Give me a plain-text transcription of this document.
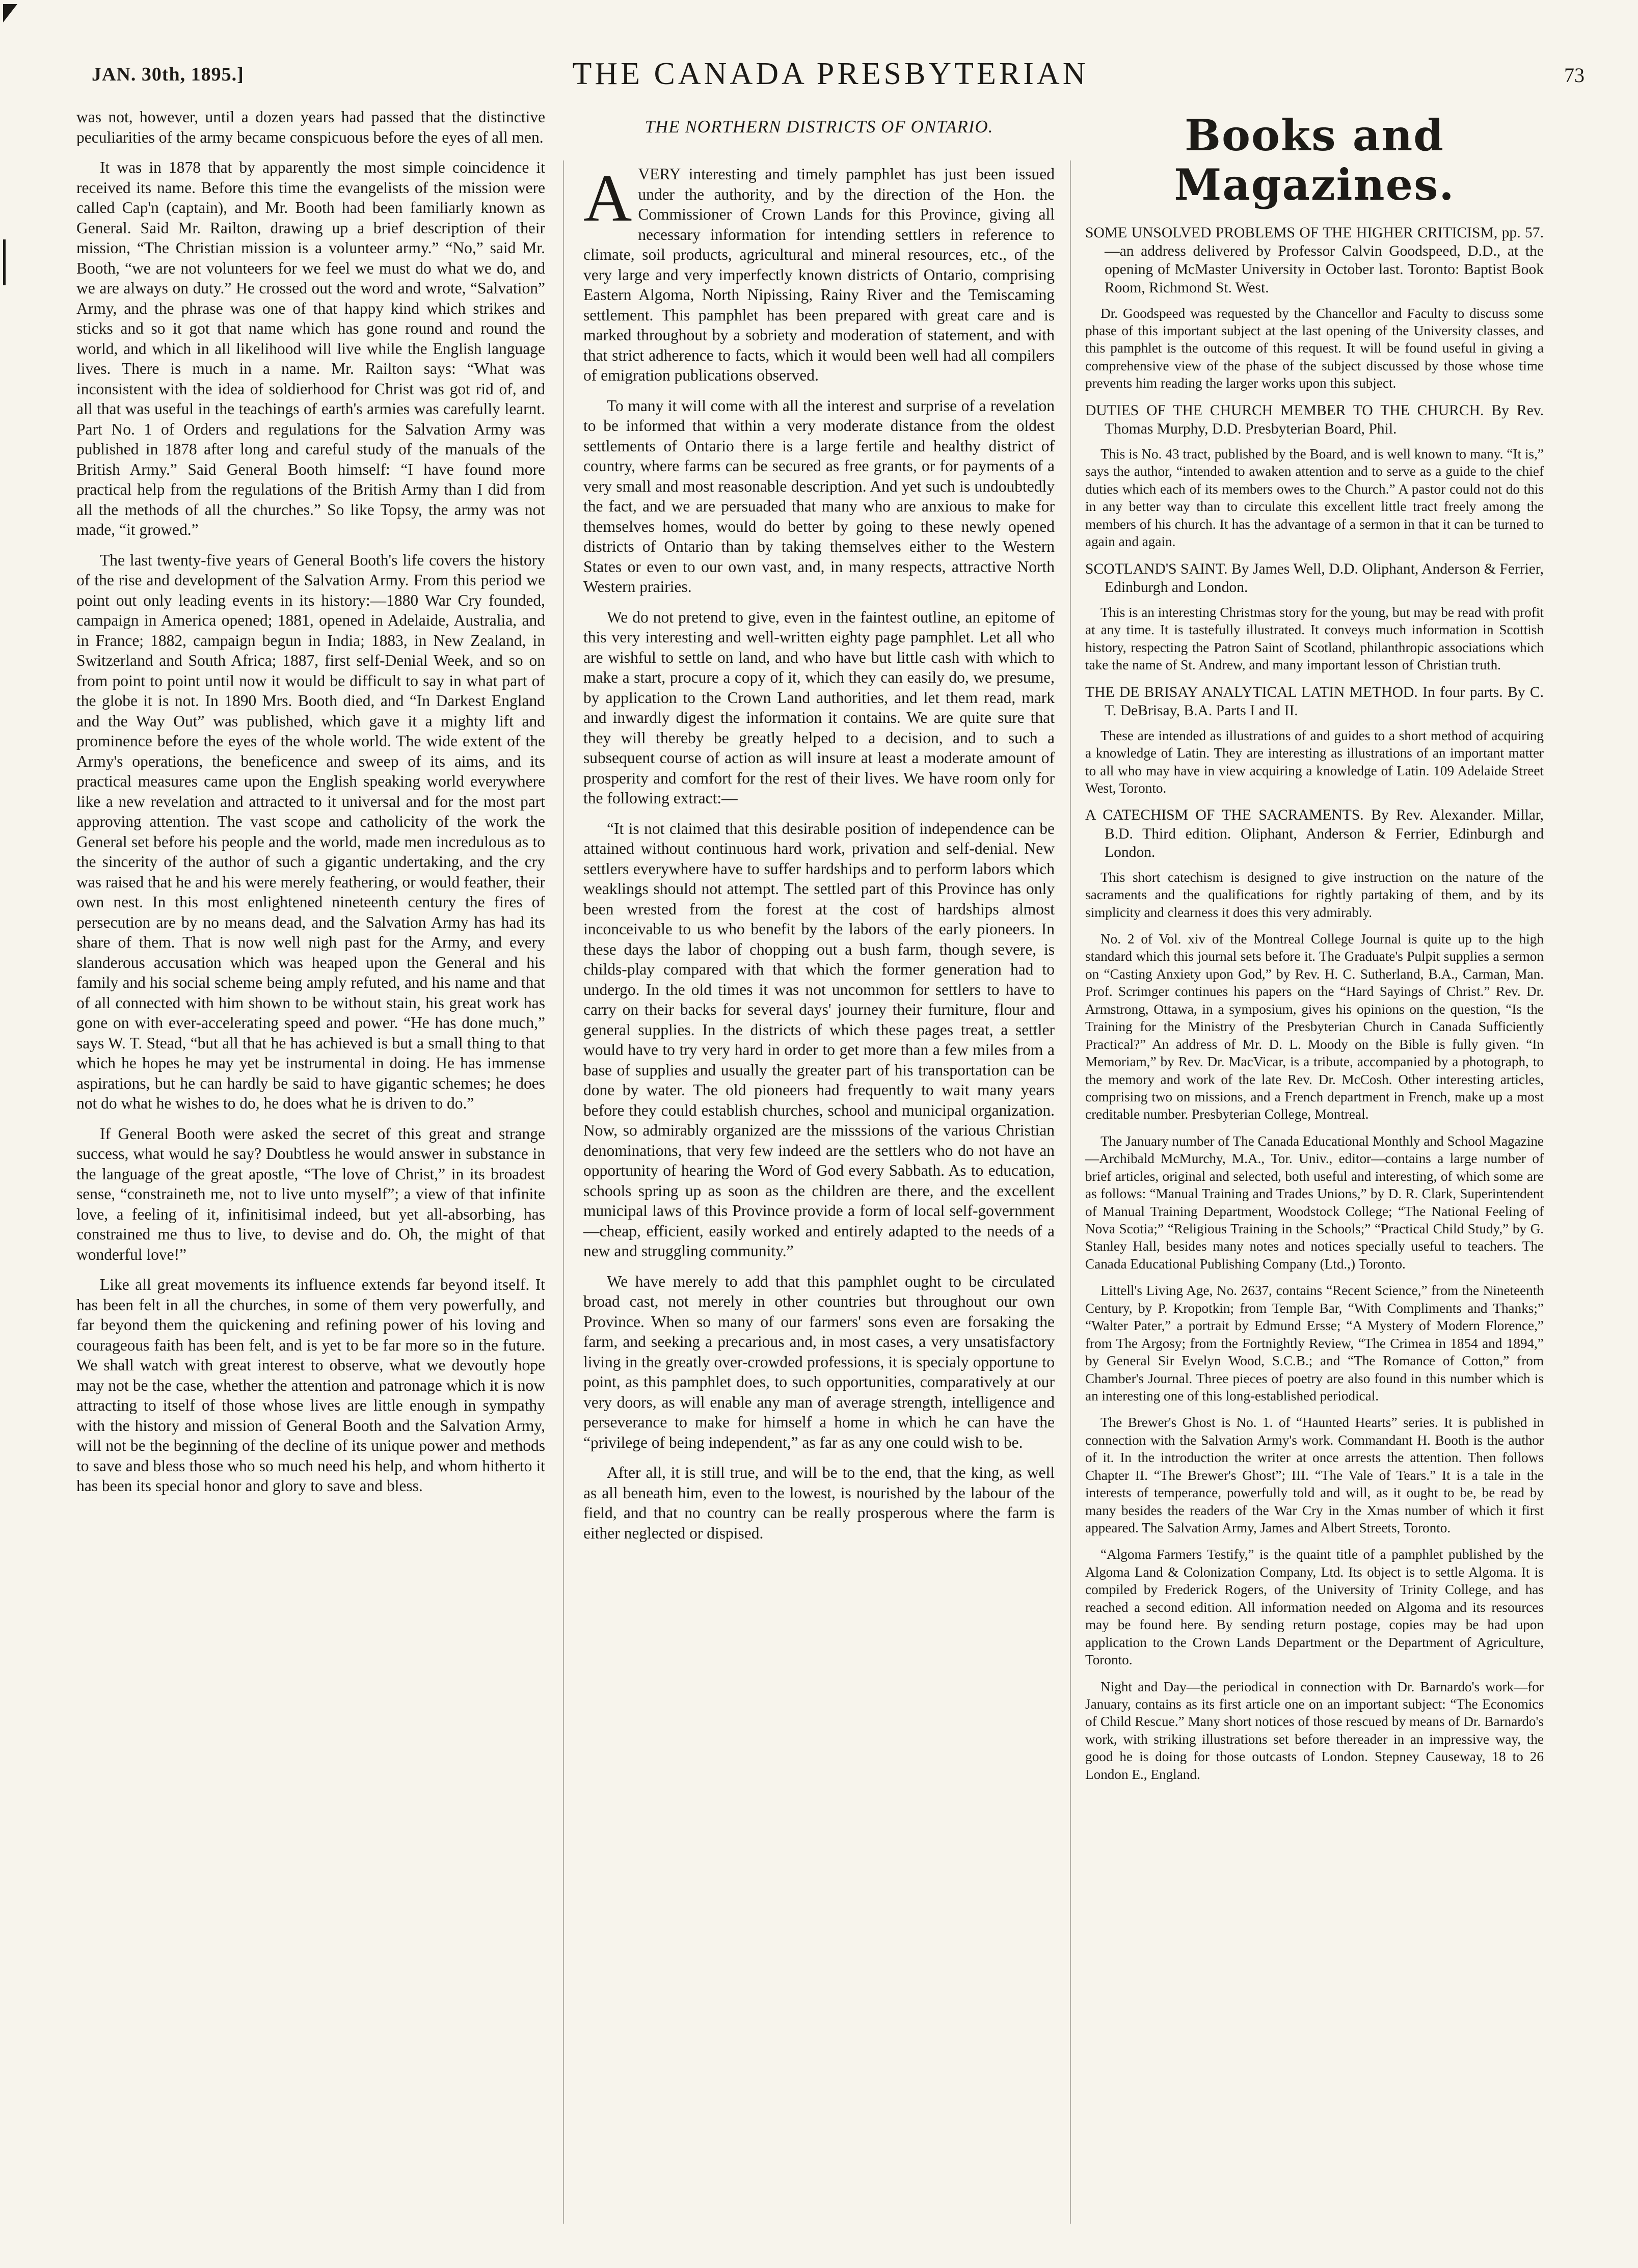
JAN. 30th, 1895.]	THE CANADA PRESBYTERIAN	73

was not, however, until a dozen years had passed that the distinctive peculiarities of the army became conspicuous before the eyes of all men.

It was in 1878 that by apparently the most simple coincidence it received its name. Before this time the evangelists of the mission were called Cap'n (captain), and Mr. Booth had been familiarly known as General. Said Mr. Railton, drawing up a brief description of their mission, “The Christian mission is a volunteer army.” “No,” said Mr. Booth, “we are not volunteers for we feel we must do what we do, and we are always on duty.” He crossed out the word and wrote, “Salvation” Army, and the phrase was one of that happy kind which strikes and sticks and so it got that name which has gone round and round the world, and which in all likelihood will live while the English language lives. There is much in a name. Mr. Railton says: “What was inconsistent with the idea of soldierhood for Christ was got rid of, and all that was useful in the teachings of earth's armies was carefully learnt. Part No. 1 of Orders and regulations for the Salvation Army was published in 1878 after long and careful study of the manuals of the British Army.” Said General Booth himself: “I have found more practical help from the regulations of the British Army than I did from all the methods of all the churches.” So like Topsy, the army was not made, “it growed.”

The last twenty-five years of General Booth's life covers the history of the rise and development of the Salvation Army. From this period we point out only leading events in its history:—1880 War Cry founded, campaign in America opened; 1881, opened in Adelaide, Australia, and in France; 1882, campaign begun in India; 1883, in New Zealand, in Switzerland and South Africa; 1887, first self-Denial Week, and so on from point to point until now it would be difficult to say in what part of the globe it is not. In 1890 Mrs. Booth died, and “In Darkest England and the Way Out” was published, which gave it a mighty lift and prominence before the eyes of the whole world. The wide extent of the Army's operations, the beneficence and sweep of its aims, and its practical measures came upon the English speaking world everywhere like a new revelation and attracted to it universal and for the most part approving attention. The vast scope and catholicity of the work the General set before his people and the world, made men incredulous as to the sincerity of the author of such a gigantic undertaking, and the cry was raised that he and his were merely feathering, or would feather, their own nest. In this most enlightened nineteenth century the fires of persecution are by no means dead, and the Salvation Army has had its share of them. That is now well nigh past for the Army, and every slanderous accusation which was heaped upon the General and his family and his social scheme being amply refuted, and his name and that of all connected with him shown to be without stain, his great work has gone on with ever-accelerating speed and power. “He has done much,” says W. T. Stead, “but all that he has achieved is but a small thing to that which he hopes he may yet be instrumental in doing. He has immense aspirations, but he can hardly be said to have gigantic schemes; he does not do what he wishes to do, he does what he is driven to do.”

If General Booth were asked the secret of this great and strange success, what would he say? Doubtless he would answer in substance in the language of the great apostle, “The love of Christ,” in its broadest sense, “constraineth me, not to live unto myself”; a view of that infinite love, a feeling of it, infinitisimal indeed, but yet all-absorbing, has constrained me thus to live, to devise and do. Oh, the might of that wonderful love!”

Like all great movements its influence extends far beyond itself. It has been felt in all the churches, in some of them very powerfully, and far beyond them the quickening and refining power of his loving and courageous faith has been felt, and is yet to be far more so in the future. We shall watch with great interest to observe, what we devoutly hope may not be the case, whether the attention and patronage which it is now attracting to itself of those whose lives are little enough in sympathy with the history and mission of General Booth and the Salvation Army, will not be the beginning of the decline of its unique power and methods to save and bless those who so much need his help, and whom hitherto it has been its special honor and glory to save and bless.

THE NORTHERN DISTRICTS OF ONTARIO.

AVERY interesting and timely pamphlet has just been issued under the authority, and by the direction of the Hon. the Commissioner of Crown Lands for this Province, giving all necessary information for intending settlers in reference to climate, soil products, agricultural and mineral resources, etc., of the very large and very imperfectly known districts of Ontario, comprising Eastern Algoma, North Nipissing, Rainy River and the Temiscaming settlement. This pamphlet has been prepared with great care and is marked throughout by a sobriety and moderation of statement, and with that strict adherence to facts, which it would been well had all compilers of emigration publications observed.

To many it will come with all the interest and surprise of a revelation to be informed that within a very moderate distance from the oldest settlements of Ontario there is a large fertile and healthy district of country, where farms can be secured as free grants, or for payments of a very small and most reasonable description. And yet such is undoubtedly the fact, and we are persuaded that many who are anxious to make for themselves homes, would do better by going to these newly opened districts of Ontario than by taking themselves either to the Western States or even to our own vast, and, in many respects, attractive North Western prairies.

We do not pretend to give, even in the faintest outline, an epitome of this very interesting and well-written eighty page pamphlet. Let all who are wishful to settle on land, and who have but little cash with which to make a start, procure a copy of it, which they can easily do, we presume, by application to the Crown Land authorities, and let them read, mark and inwardly digest the information it contains. We are quite sure that they will thereby be greatly helped to a decision, and to such a subsequent course of action as will insure at least a moderate amount of prosperity and comfort for the rest of their lives. We have room only for the following extract:—

“It is not claimed that this desirable position of independence can be attained without continuous hard work, privation and self-denial. New settlers everywhere have to suffer hardships and to perform labors which weaklings should not attempt. The settled part of this Province has only been wrested from the forest at the cost of hardships almost inconceivable to us who benefit by the labors of the early pioneers. In these days the labor of chopping out a bush farm, though severe, is childs-play compared with that which the former generation had to undergo. In the old times it was not uncommon for settlers to have to carry on their backs for several days' journey their furniture, flour and general supplies. In the districts of which these pages treat, a settler would have to try very hard in order to get more than a few miles from a base of supplies and usually the greater part of his transportation can be done by water. The old pioneers had frequently to wait many years before they could establish churches, school and municipal organization. Now, so admirably organized are the misssions of the various Christian denominations, that very few indeed are the settlers who do not have an opportunity of hearing the Word of God every Sabbath. As to education, schools spring up as soon as the children are there, and the excellent municipal laws of this Province provide a form of local self-government—cheap, efficient, easily worked and entirely adapted to the needs of a new and struggling community.”

We have merely to add that this pamphlet ought to be circulated broad cast, not merely in other countries but throughout our own Province. When so many of our farmers' sons even are forsaking the farm, and seeking a precarious and, in most cases, a very unsatisfactory living in the greatly over-crowded professions, it is specialy opportune to point, as this pamphlet does, to such opportunities, comparatively at our very doors, as will enable any man of average strength, intelligence and perseverance to make for himself a home in which he can have the “privilege of being independent,” as far as any one could wish to be.

After all, it is still true, and will be to the end, that the king, as well as all beneath him, even to the lowest, is nourished by the labour of the field, and that no country can be really prosperous where the farm is either neglected or dispised.

Books and Magazines.
SOME UNSOLVED PROBLEMS OF THE HIGHER CRITICISM, pp. 57.—an address delivered by Professor Calvin Goodspeed, D.D., at the opening of McMaster University in October last. Toronto: Baptist Book Room, Richmond St. West.

Dr. Goodspeed was requested by the Chancellor and Faculty to discuss some phase of this important subject at the last opening of the University classes, and this pamphlet is the outcome of this request. It will be found useful in giving a comprehensive view of the phase of the subject discussed by those whose time prevents him reading the larger works upon this subject.

DUTIES OF THE CHURCH MEMBER TO THE CHURCH. By Rev. Thomas Murphy, D.D. Presbyterian Board, Phil.

This is No. 43 tract, published by the Board, and is well known to many. “It is,” says the author, “intended to awaken attention and to serve as a guide to the chief duties which each of its members owes to the Church.” A pastor could not do this in any better way than to circulate this excellent little tract freely among the members of his church. It has the advantage of a sermon in that it can be turned to again and again.

SCOTLAND'S SAINT. By James Well, D.D. Oliphant, Anderson & Ferrier, Edinburgh and London.

This is an interesting Christmas story for the young, but may be read with profit at any time. It is tastefully illustrated. It conveys much information in Scottish history, respecting the Patron Saint of Scotland, philanthropic associations which take the name of St. Andrew, and many important lesson of Christian truth.

THE DE BRISAY ANALYTICAL LATIN METHOD. In four parts. By C. T. DeBrisay, B.A. Parts I and II.

These are intended as illustrations of and guides to a short method of acquiring a knowledge of Latin. They are interesting as illustrations of an important matter to all who may have in view acquiring a knowledge of Latin. 109 Adelaide Street West, Toronto.

A CATECHISM OF THE SACRAMENTS. By Rev. Alexander. Millar, B.D. Third edition. Oliphant, Anderson & Ferrier, Edinburgh and London.

This short catechism is designed to give instruction on the nature of the sacraments and the qualifications for rightly partaking of them, and by its simplicity and clearness it does this very admirably.

No. 2 of Vol. xiv of the Montreal College Journal is quite up to the high standard which this journal sets before it. The Graduate's Pulpit supplies a sermon on “Casting Anxiety upon God,” by Rev. H. C. Sutherland, B.A., Carman, Man. Prof. Scrimger continues his papers on the “Hard Sayings of Christ.” Rev. Dr. Armstrong, Ottawa, in a symposium, gives his opinions on the question, “Is the Training for the Ministry of the Presbyterian Church in Canada Sufficiently Practical?” An address of Mr. D. L. Moody on the Bible is fully given. “In Memoriam,” by Rev. Dr. MacVicar, is a tribute, accompanied by a photograph, to the memory and work of the late Rev. Dr. McCosh. Other interesting articles, comprising two on missions, and a French department in French, make up a most creditable number. Presbyterian College, Montreal.

The January number of The Canada Educational Monthly and School Magazine—Archibald McMurchy, M.A., Tor. Univ., editor—contains a large number of brief articles, original and selected, both useful and interesting, of which some are as follows: “Manual Training and Trades Unions,” by D. R. Clark, Superintendent of Manual Training Department, Woodstock College; “The National Feeling of Nova Scotia;” “Religious Training in the Schools;” “Practical Child Study,” by G. Stanley Hall, besides many notes and notices specially useful to teachers. The Canada Educational Publishing Company (Ltd.,) Toronto.

Littell's Living Age, No. 2637, contains “Recent Science,” from the Nineteenth Century, by P. Kropotkin; from Temple Bar, “With Compliments and Thanks;” “Walter Pater,” a portrait by Edmund Ersse; “A Mystery of Modern Florence,” from The Argosy; from the Fortnightly Review, “The Crimea in 1854 and 1894,” by General Sir Evelyn Wood, S.C.B.; and “The Romance of Cotton,” from Chamber's Journal. Three pieces of poetry are also found in this number which is an interesting one of this long-established periodical.

The Brewer's Ghost is No. 1. of “Haunted Hearts” series. It is published in connection with the Salvation Army's work. Commandant H. Booth is the author of it. In the introduction the writer at once arrests the attention. Then follows Chapter II. “The Brewer's Ghost”; III. “The Vale of Tears.” It is a tale in the interests of temperance, powerfully told and will, as it ought to be, be read by many besides the readers of the War Cry in the Xmas number of which it first appeared. The Salvation Army, James and Albert Streets, Toronto.

“Algoma Farmers Testify,” is the quaint title of a pamphlet published by the Algoma Land & Colonization Company, Ltd. Its object is to settle Algoma. It is compiled by Frederick Rogers, of the University of Trinity College, and has reached a second edition. All information needed on Algoma and its resources may be found here. By sending return postage, copies may be had upon application to the Crown Lands Department or the Department of Agriculture, Toronto.

Night and Day—the periodical in connection with Dr. Barnardo's work—for January, contains as its first article one on an important subject: “The Economics of Child Rescue.” Many short notices of those rescued by means of Dr. Barnardo's work, with striking illustrations set before thereader in an impressive way, the good he is doing for those outcasts of London. Stepney Causeway, 18 to 26 London E., England.
